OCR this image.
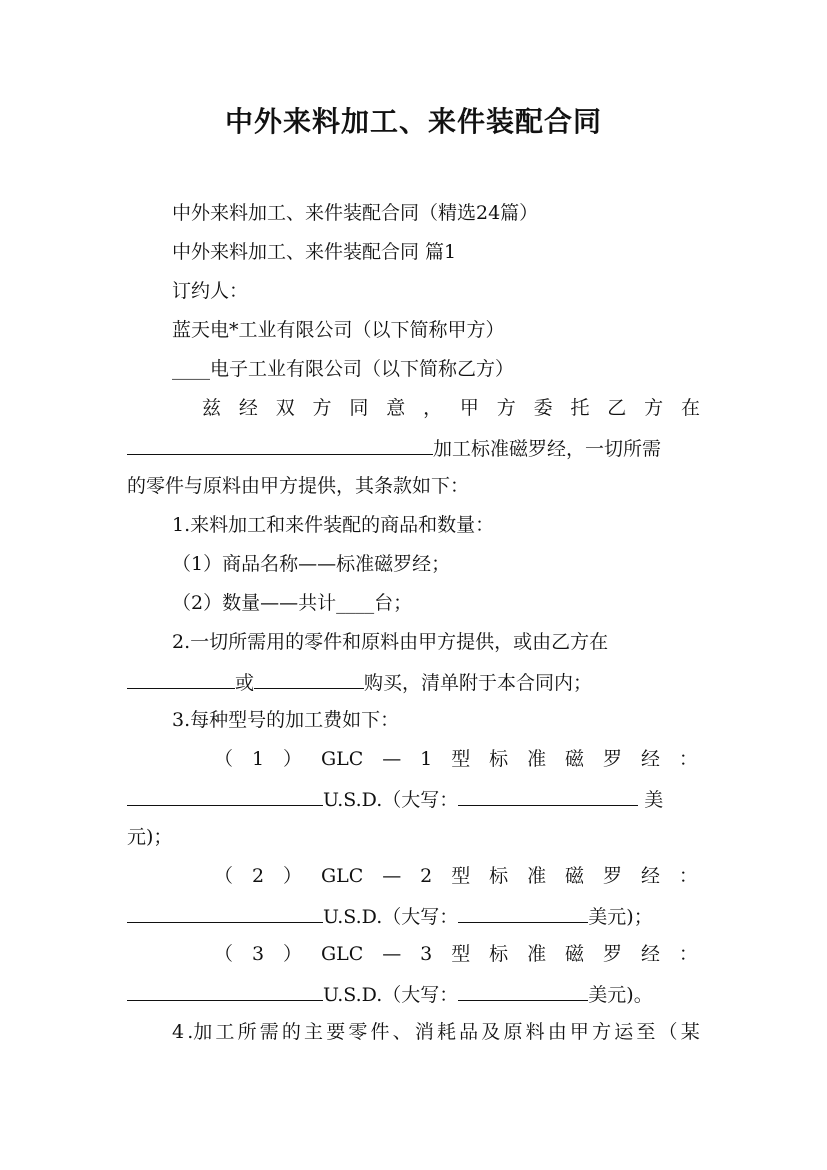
中外来料加工、来件装配合同
中外来料加工、来件装配合同（精选24篇）
中外来料加工、来件装配合同 篇1
订约人：
蓝天电*工业有限公司（以下简称甲方）
____电子工业有限公司（以下简称乙方）
兹 经 双 方 同 意 ， 甲 方 委 托 乙 方 在
加工标准磁罗经，一切所需
的零件与原料由甲方提供，其条款如下：
1.来料加工和来件装配的商品和数量：
（1）商品名称——标准磁罗经；
（2）数量——共计____台；
2.一切所需用的零件和原料由甲方提供，或由乙方在
或	购买，清单附于本合同内；
3.每种型号的加工费如下：
（ 1 ） GLC — 1 型 标 准 磁 罗 经 ：
U.S.D.（大写：	美
元)；
（ 2 ） GLC — 2 型 标 准 磁 罗 经 ：
U.S.D.（大写：	美元)；
（ 3 ） GLC — 3 型 标 准 磁 罗 经 ：
U.S.D.（大写：	美元)。
4 .加 工 所 需 的 主 要 零 件 、 消 耗 品 及 原 料 由 甲 方 运 至 （ 某
